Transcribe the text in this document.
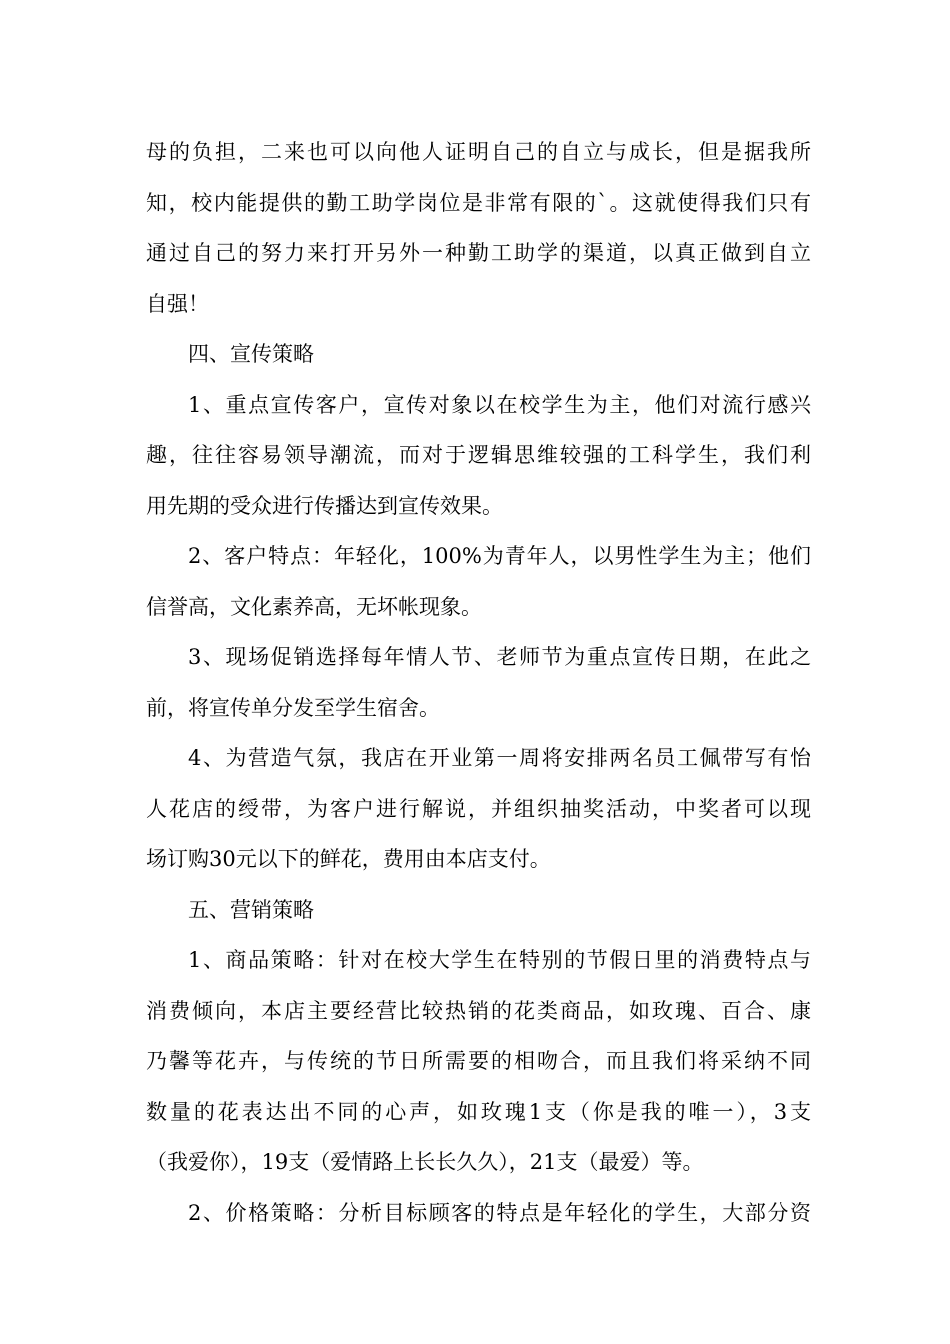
母的负担，二来也可以向他人证明自己的自立与成长，但是据我所
知，校内能提供的勤工助学岗位是非常有限的`。这就使得我们只有
通过自己的努力来打开另外一种勤工助学的渠道，以真正做到自立
自强！
四、宣传策略
1、重点宣传客户，宣传对象以在校学生为主，他们对流行感兴
趣，往往容易领导潮流，而对于逻辑思维较强的工科学生，我们利
用先期的受众进行传播达到宣传效果。
2、客户特点：年轻化，100%为青年人，以男性学生为主；他们
信誉高，文化素养高，无坏帐现象。
3、现场促销选择每年情人节、老师节为重点宣传日期，在此之
前，将宣传单分发至学生宿舍。
4、为营造气氛，我店在开业第一周将安排两名员工佩带写有怡
人花店的绶带，为客户进行解说，并组织抽奖活动，中奖者可以现
场订购30元以下的鲜花，费用由本店支付。
五、营销策略
1、商品策略：针对在校大学生在特别的节假日里的消费特点与
消费倾向，本店主要经营比较热销的花类商品，如玫瑰、百合、康
乃馨等花卉，与传统的节日所需要的相吻合，而且我们将采纳不同
数量的花表达出不同的心声，如玫瑰1支（你是我的唯一），3支
（我爱你），19支（爱情路上长长久久），21支（最爱）等。
2、价格策略：分析目标顾客的特点是年轻化的学生，大部分资
